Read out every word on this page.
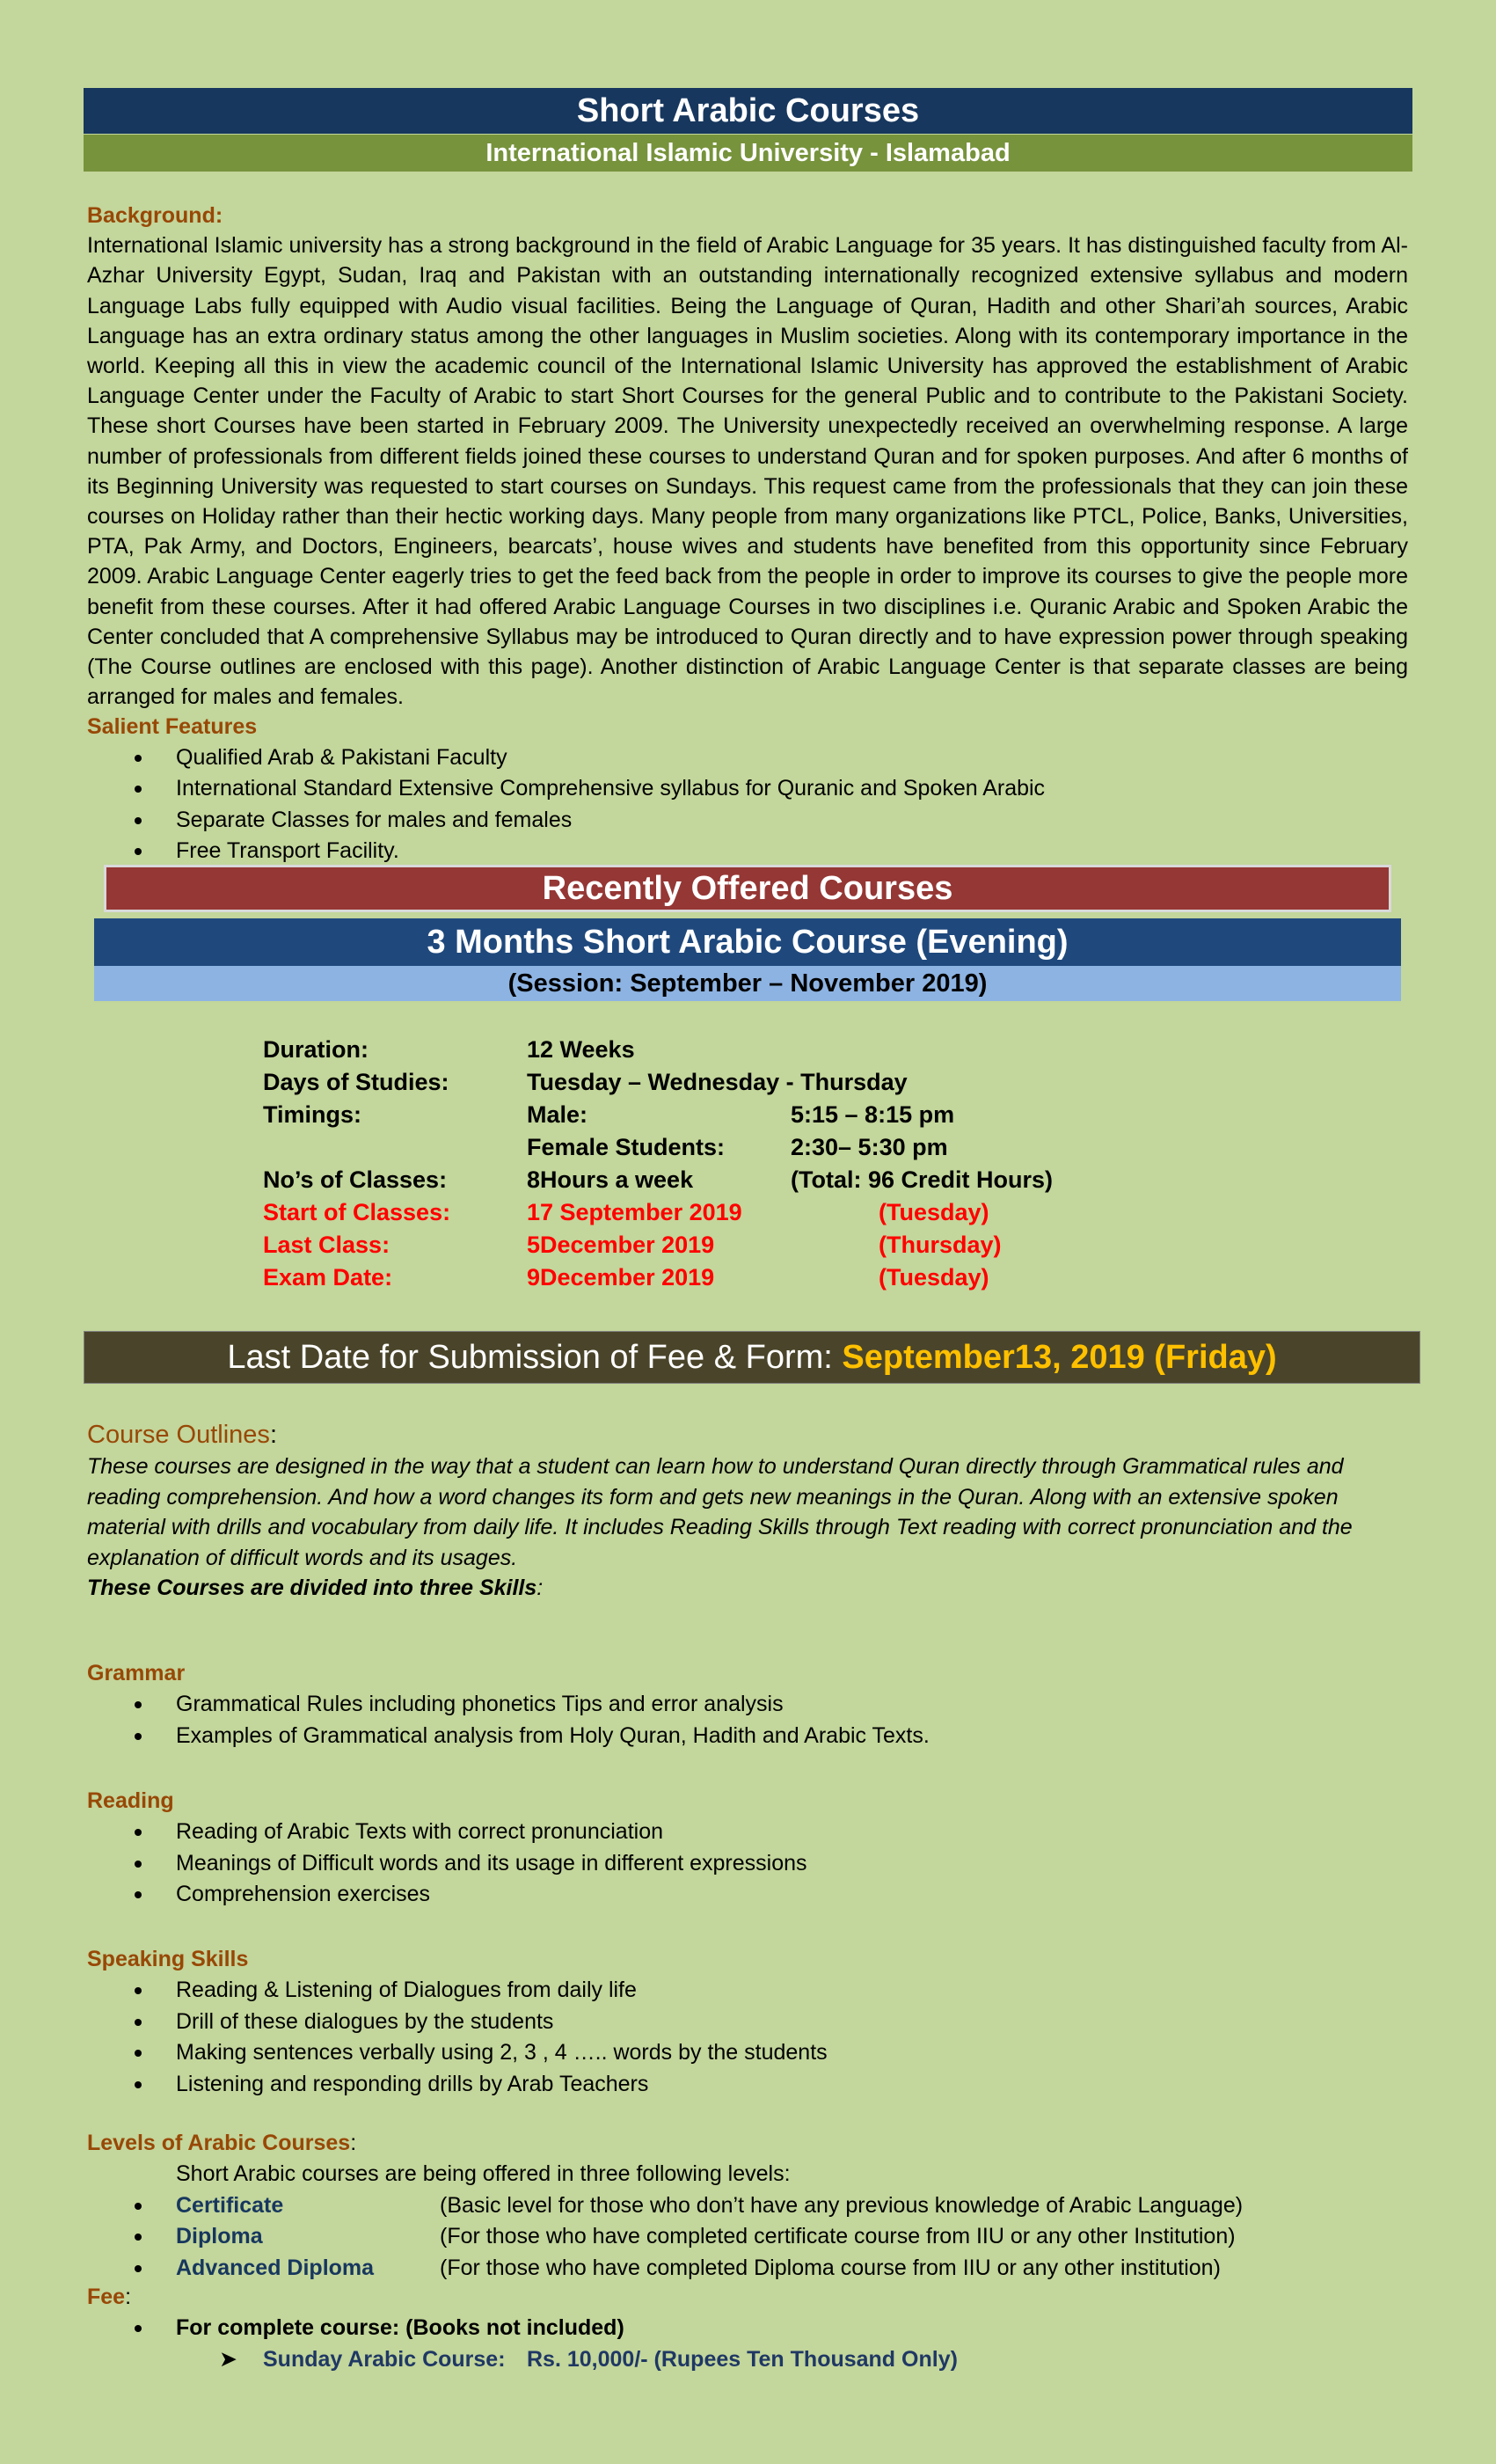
Short Arabic Courses
International Islamic University - Islamabad
Background:

International Islamic university has a strong background in the field of Arabic Language for 35 years. It has distinguished faculty from Al-Azhar University Egypt, Sudan, Iraq and Pakistan with an outstanding internationally recognized extensive syllabus and modern Language Labs fully equipped with Audio visual facilities. Being the Language of Quran, Hadith and other Shari’ah sources, Arabic Language has an extra ordinary status among the other languages in Muslim societies. Along with its contemporary importance in the world. Keeping all this in view the academic council of the International Islamic University has approved the establishment of Arabic Language Center under the Faculty of Arabic to start Short Courses for the general Public and to contribute to the Pakistani Society. These short Courses have been started in February 2009. The University unexpectedly received an overwhelming response. A large number of professionals from different fields joined these courses to understand Quran and for spoken purposes. And after 6 months of its Beginning University was requested to start courses on Sundays. This request came from the professionals that they can join these courses on Holiday rather than their hectic working days. Many people from many organizations like PTCL, Police, Banks, Universities, PTA, Pak Army, and Doctors, Engineers, bearcats’, house wives and students have benefited from this opportunity since February 2009. Arabic Language Center eagerly tries to get the feed back from the people in order to improve its courses to give the people more benefit from these courses. After it had offered Arabic Language Courses in two disciplines i.e. Quranic Arabic and Spoken Arabic the Center concluded that A comprehensive Syllabus may be introduced to Quran directly and to have expression power through speaking (The Course outlines are enclosed with this page). Another distinction of Arabic Language Center is that separate classes are being arranged for males and females.

Salient Features
Qualified Arab & Pakistani Faculty
International Standard Extensive Comprehensive syllabus for Quranic and Spoken Arabic
Separate Classes for males and females
Free Transport Facility.
Recently Offered Courses
3 Months Short Arabic Course (Evening)
(Session: September – November 2019)
Duration:	12 Weeks
Days of Studies:	Tuesday – Wednesday - Thursday
Timings:	Male:	5:15 – 8:15 pm
Female Students:	2:30– 5:30 pm
No’s of Classes:	8Hours a week	(Total: 96 Credit Hours)
Start of Classes:	17 September 2019	(Tuesday)
Last Class:	5December 2019	(Thursday)
Exam Date:	9December 2019	(Tuesday)
Last Date for Submission of Fee & Form: September13, 2019 (Friday)
Course Outlines:

These courses are designed in the way that a student can learn how to understand Quran directly through Grammatical rules and reading comprehension. And how a word changes its form and gets new meanings in the Quran. Along with an extensive spoken material with drills and vocabulary from daily life. It includes Reading Skills through Text reading with correct pronunciation and the explanation of difficult words and its usages.

These Courses are divided into three Skills:
Grammar
Grammatical Rules including phonetics Tips and error analysis
Examples of Grammatical analysis from Holy Quran, Hadith and Arabic Texts.
Reading
Reading of Arabic Texts with correct pronunciation
Meanings of Difficult words and its usage in different expressions
Comprehension exercises
Speaking Skills
Reading & Listening of Dialogues from daily life
Drill of these dialogues by the students
Making sentences verbally using 2, 3 , 4 ….. words by the students
Listening and responding drills by Arab Teachers
Levels of Arabic Courses:
Short Arabic courses are being offered in three following levels:
Certificate	(Basic level for those who don’t have any previous knowledge of Arabic Language)
Diploma	(For those who have completed certificate course from IIU or any other Institution)
Advanced Diploma	(For those who have completed Diploma course from IIU or any other institution)
Fee:
For complete course: (Books not included)
➤ Sunday Arabic Course: Rs. 10,000/- (Rupees Ten Thousand Only)
